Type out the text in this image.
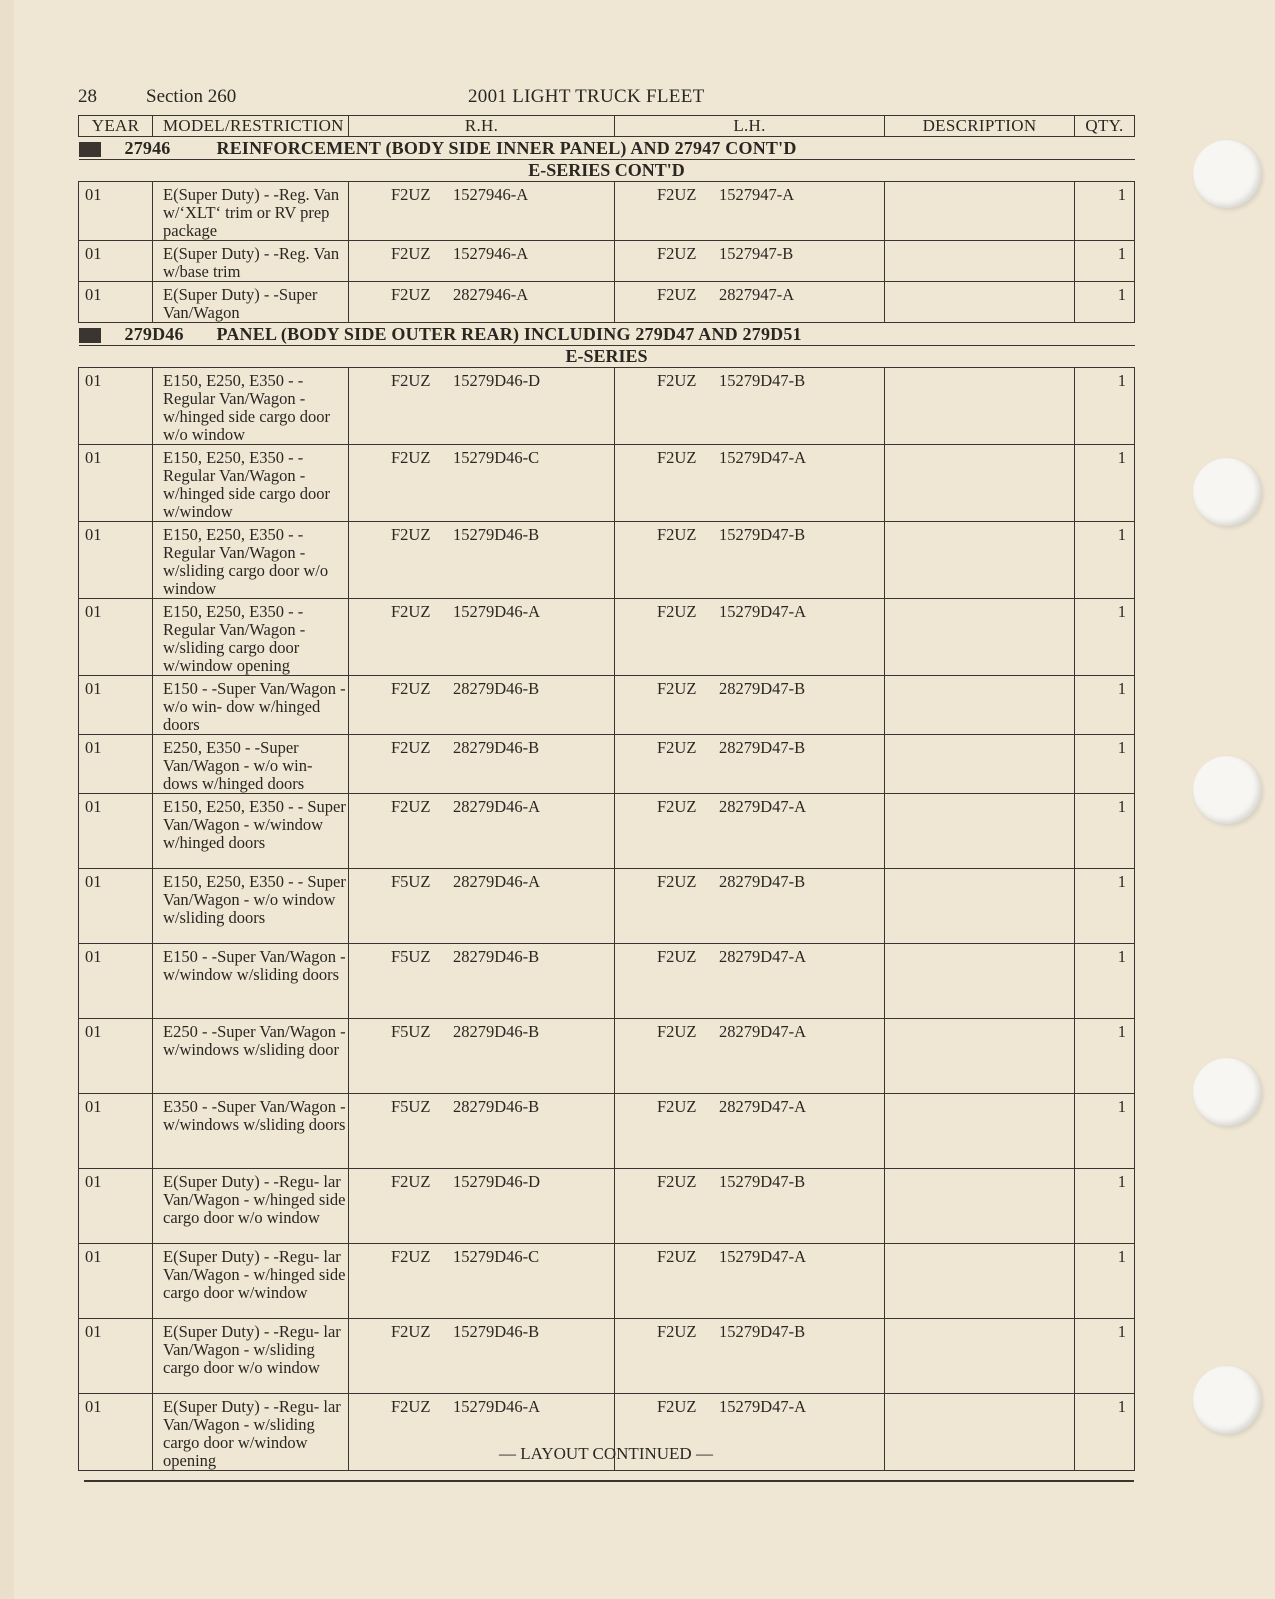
28	Section 260	2001 LIGHT TRUCK FLEET
YEAR	MODEL/RESTRICTION	R.H.	L.H.	DESCRIPTION	QTY.
27946 REINFORCEMENT (BODY SIDE INNER PANEL) AND 27947 CONT'D					
E-SERIES CONT'D					
01	E(Super Duty) - -Reg. Van w/‘XLT‘ trim or RV prep package	F2UZ 1527946-A	F2UZ 1527947-A		1
01	E(Super Duty) - -Reg. Van w/base trim	F2UZ 1527946-A	F2UZ 1527947-B		1
01	E(Super Duty) - -Super Van/Wagon	F2UZ 2827946-A	F2UZ 2827947-A		1
279D46 PANEL (BODY SIDE OUTER REAR) INCLUDING 279D47 AND 279D51					
E-SERIES					
01	E150, E250, E350 - - Regular Van/Wagon - w/hinged side cargo door w/o window	F2UZ 15279D46-D	F2UZ 15279D47-B		1
01	E150, E250, E350 - - Regular Van/Wagon - w/hinged side cargo door w/window	F2UZ 15279D46-C	F2UZ 15279D47-A		1
01	E150, E250, E350 - - Regular Van/Wagon - w/sliding cargo door w/o window	F2UZ 15279D46-B	F2UZ 15279D47-B		1
01	E150, E250, E350 - - Regular Van/Wagon - w/sliding cargo door w/window opening	F2UZ 15279D46-A	F2UZ 15279D47-A		1
01	E150 - -Super Van/Wagon - w/o win- dow w/hinged doors	F2UZ 28279D46-B	F2UZ 28279D47-B		1
01	E250, E350 - -Super Van/Wagon - w/o win- dows w/hinged doors	F2UZ 28279D46-B	F2UZ 28279D47-B		1
01	E150, E250, E350 - - Super Van/Wagon - w/window w/hinged doors	F2UZ 28279D46-A	F2UZ 28279D47-A		1
01	E150, E250, E350 - - Super Van/Wagon - w/o window w/sliding doors	F5UZ 28279D46-A	F2UZ 28279D47-B		1
01	E150 - -Super Van/Wagon - w/window w/sliding doors	F5UZ 28279D46-B	F2UZ 28279D47-A		1
01	E250 - -Super Van/Wagon - w/windows w/sliding door	F5UZ 28279D46-B	F2UZ 28279D47-A		1
01	E350 - -Super Van/Wagon - w/windows w/sliding doors	F5UZ 28279D46-B	F2UZ 28279D47-A		1
01	E(Super Duty) - -Regu- lar Van/Wagon - w/hinged side cargo door w/o window	F2UZ 15279D46-D	F2UZ 15279D47-B		1
01	E(Super Duty) - -Regu- lar Van/Wagon - w/hinged side cargo door w/window	F2UZ 15279D46-C	F2UZ 15279D47-A		1
01	E(Super Duty) - -Regu- lar Van/Wagon - w/sliding cargo door w/o window	F2UZ 15279D46-B	F2UZ 15279D47-B		1
01	E(Super Duty) - -Regu- lar Van/Wagon - w/sliding cargo door w/window opening	F2UZ 15279D46-A	F2UZ 15279D47-A		1
— LAYOUT CONTINUED —
